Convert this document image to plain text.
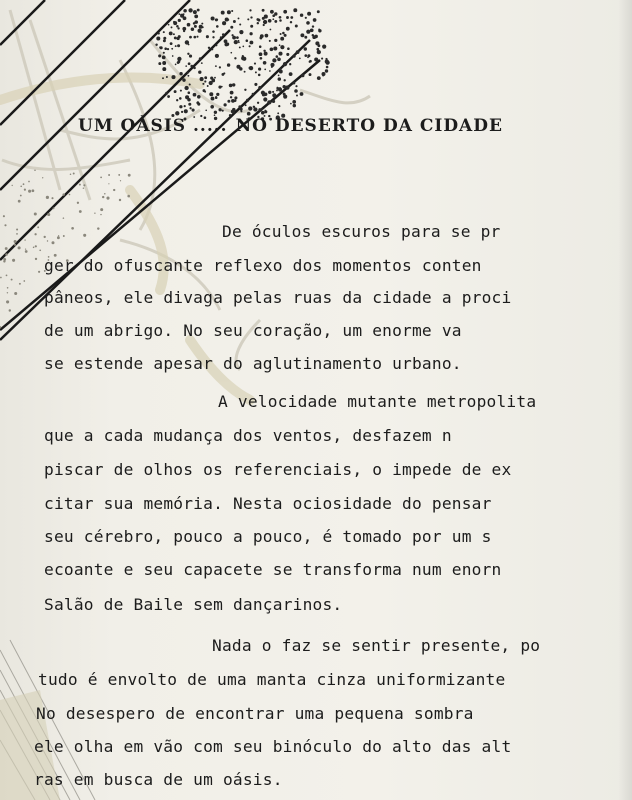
UM OÀSIS ..... NO DESERTO DA CIDADE
De óculos escuros para se pr
ger do ofuscante reflexo dos momentos conten
pâneos, ele divaga pelas ruas da cidade a proci
de um abrigo. No seu coração, um enorme va
se estende apesar do aglutinamento urbano.
A velocidade mutante metropolita
que a cada mudança dos ventos, desfazem n
piscar de olhos os referenciais, o impede de ex
citar sua memória. Nesta ociosidade do pensar
seu cérebro, pouco a pouco, é tomado por um s
ecoante e seu capacete se transforma num enorn
Salão de Baile sem dançarinos.
Nada o faz se sentir presente, po
tudo é envolto de uma manta cinza uniformizante
No desespero de encontrar uma pequena sombra
ele olha em vão com seu binóculo do alto das alt
ras em busca de um oásis.
